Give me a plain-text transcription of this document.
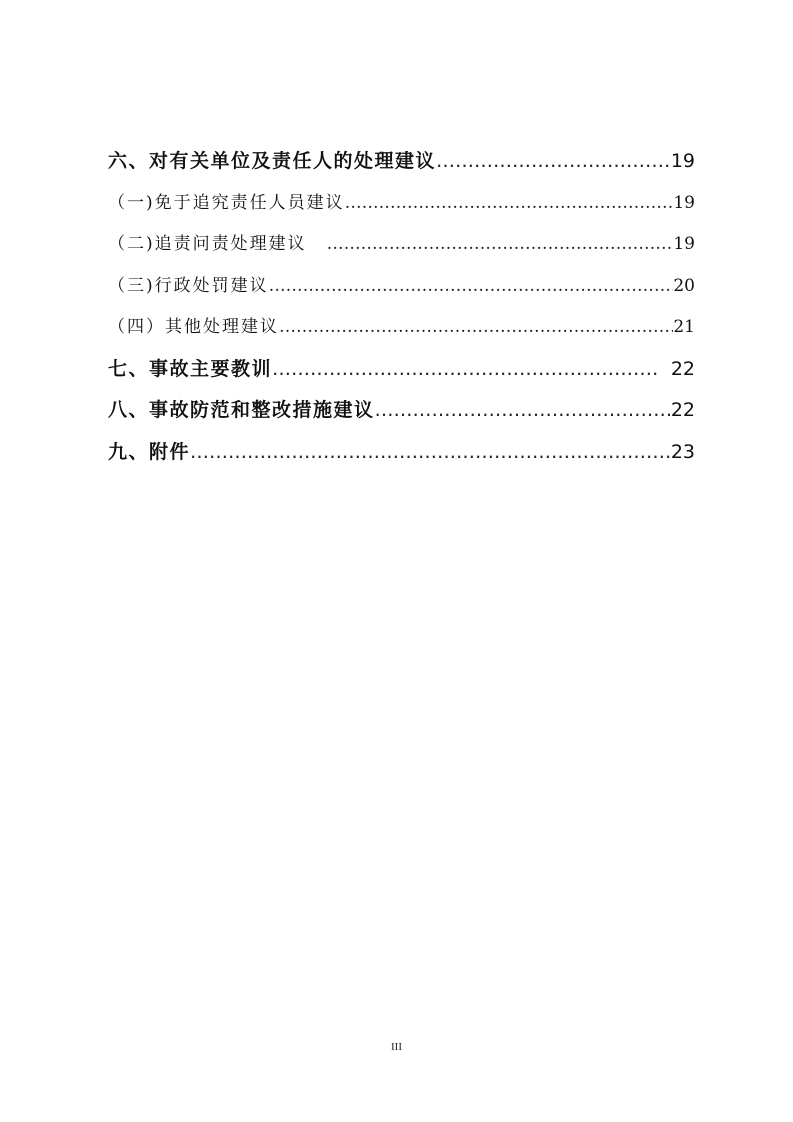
六、对有关单位及责任人的处理建议 …………………………………………………………………………………………………………………………………………………………………………………………	19
（一)免于追究责任人员建议 …………………………………………………………………………………………………………………………………………………………………………………………	19
（二)追责问责处理建议 …………………………………………………………………………………………………………………………………………………………………………………………	19
（三)行政处罚建议 …………………………………………………………………………………………………………………………………………………………………………………………	20
（四）其他处理建议 …………………………………………………………………………………………………………………………………………………………………………………………	21
七、事故主要教训 …………………………………………………………………………………………………………………………………………………………………………………………	22
八、事故防范和整改措施建议 …………………………………………………………………………………………………………………………………………………………………………………………	22
九、附件 …………………………………………………………………………………………………………………………………………………………………………………………	23
III
